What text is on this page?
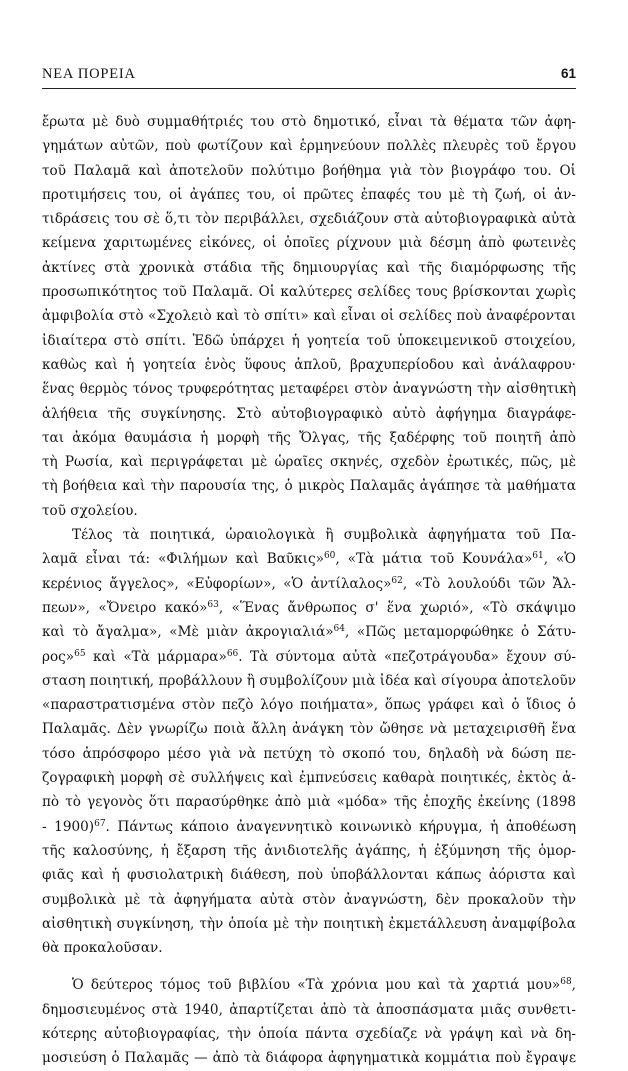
ΝΕΑ ΠΟΡΕΙΑ	61
ἔρωτα μὲ δυὸ συμμαθήτριές του στὸ δημοτικό, εἶναι τὰ θέματα τῶν ἀφη-
γημάτων αὐτῶν, ποὺ φωτίζουν καὶ ἑρμηνεύουν πολλὲς πλευρὲς τοῦ ἔργου
τοῦ Παλαμᾶ καὶ ἀποτελοῦν πολύτιμο βοήθημα γιὰ τὸν βιογράφο του. Οἱ
προτιμήσεις του, οἱ ἀγάπες του, οἱ πρῶτες ἐπαφές του μὲ τὴ ζωή, οἱ ἀν-
τιδράσεις του σὲ ὅ,τι τὸν περιβάλλει, σχεδιάζουν στὰ αὐτοβιογραφικὰ αὐτὰ
κείμενα χαριτωμένες εἰκόνες, οἱ ὁποῖες ρίχνουν μιὰ δέσμη ἀπὸ φωτεινὲς
ἀκτίνες στὰ χρονικὰ στάδια τῆς δημιουργίας καὶ τῆς διαμόρφωσης τῆς
προσωπικότητος τοῦ Παλαμᾶ. Οἱ καλύτερες σελίδες τους βρίσκονται χωρὶς
ἀμφιβολία στὸ «Σχολειὸ καὶ τὸ σπίτι» καὶ εἶναι οἱ σελίδες ποὺ ἀναφέρονται
ἰδιαίτερα στὸ σπίτι. Ἐδῶ ὑπάρχει ἡ γοητεία τοῦ ὑποκειμενικοῦ στοιχείου,
καθὼς καὶ ἡ γοητεία ἑνὸς ὕφους ἁπλοῦ, βραχυπερίοδου καὶ ἀνάλαφρου·
ἕνας θερμὸς τόνος τρυφερότητας μεταφέρει στὸν ἀναγνώστη τὴν αἰσθητικὴ
ἀλήθεια τῆς συγκίνησης. Στὸ αὐτοβιογραφικὸ αὐτὸ ἀφήγημα διαγράφε-
ται ἀκόμα θαυμάσια ἡ μορφὴ τῆς Ὄλγας, τῆς ξαδέρφης τοῦ ποιητῆ ἀπὸ
τὴ Ρωσία, καὶ περιγράφεται μὲ ὡραῖες σκηνές, σχεδὸν ἐρωτικές, πῶς, μὲ
τὴ βοήθεια καὶ τὴν παρουσία της, ὁ μικρὸς Παλαμᾶς ἀγάπησε τὰ μαθήματα
τοῦ σχολείου.
Τέλος τὰ ποιητικά, ὡραιολογικὰ ἢ συμβολικὰ ἀφηγήματα τοῦ Πα-
λαμᾶ εἶναι τά: «Φιλήμων καὶ Βαῦκις»$^{60}$, «Τὰ μάτια τοῦ Κουνάλα»$^{61}$, «Ὁ
κερένιος ἄγγελος», «Εὐφορίων», «Ὁ ἀντίλαλος»$^{62}$, «Τὸ λουλούδι τῶν Ἄλ-
πεων», «Ὄνειρο κακό»$^{63}$, «Ἕνας ἄνθρωπος σ' ἕνα χωριό», «Τὸ σκάψιμο
καὶ τὸ ἄγαλμα», «Μὲ μιὰν ἀκρογιαλιά»$^{64}$, «Πῶς μεταμορφώθηκε ὁ Σάτυ-
ρος»$^{65}$ καὶ «Τὰ μάρμαρα»$^{66}$. Τὰ σύντομα αὐτὰ «πεζοτράγουδα» ἔχουν σύ-
σταση ποιητική, προβάλλουν ἢ συμβολίζουν μιὰ ἰδέα καὶ σίγουρα ἀποτελοῦν
«παραστρατισμένα στὸν πεζὸ λόγο ποιήματα», ὅπως γράφει καὶ ὁ ἴδιος ὁ
Παλαμᾶς. Δὲν γνωρίζω ποιὰ ἄλλη ἀνάγκη τὸν ὤθησε νὰ μεταχειρισθῆ ἕνα
τόσο ἀπρόσφορο μέσο γιὰ νὰ πετύχη τὸ σκοπό του, δηλαδὴ νὰ δώση πε-
ζογραφικὴ μορφὴ σὲ συλλήψεις καὶ ἐμπνεύσεις καθαρὰ ποιητικές, ἐκτὸς ἀ-
πὸ τὸ γεγονὸς ὅτι παρασύρθηκε ἀπὸ μιὰ «μόδα» τῆς ἐποχῆς ἐκείνης (1898
- 1900)$^{67}$. Πάντως κάποιο ἀναγεννητικὸ κοινωνικὸ κήρυγμα, ἡ ἀποθέωση
τῆς καλοσύνης, ἡ ἔξαρση τῆς ἀνιδιοτελῆς ἀγάπης, ἡ ἐξύμνηση τῆς ὁμορ-
φιᾶς καὶ ἡ φυσιολατρικὴ διάθεση, ποὺ ὑποβάλλονται κάπως ἀόριστα καὶ
συμβολικὰ μὲ τὰ ἀφηγήματα αὐτὰ στὸν ἀναγνώστη, δὲν προκαλοῦν τὴν
αἰσθητικὴ συγκίνηση, τὴν ὁποία μὲ τὴν ποιητικὴ ἐκμετάλλευση ἀναμφίβολα
θὰ προκαλοῦσαν.
Ὁ δεύτερος τόμος τοῦ βιβλίου «Τὰ χρόνια μου καὶ τὰ χαρτιά μου»$^{68}$,
δημοσιευμένος στὰ 1940, ἀπαρτίζεται ἀπὸ τὰ ἀποσπάσματα μιᾶς συνθετι-
κότερης αὐτοβιογραφίας, τὴν ὁποία πάντα σχεδίαζε νὰ γράψη καὶ νὰ δη-
μοσιεύση ὁ Παλαμᾶς — ἀπὸ τὰ διάφορα ἀφηγηματικὰ κομμάτια ποὺ ἔγραψε
